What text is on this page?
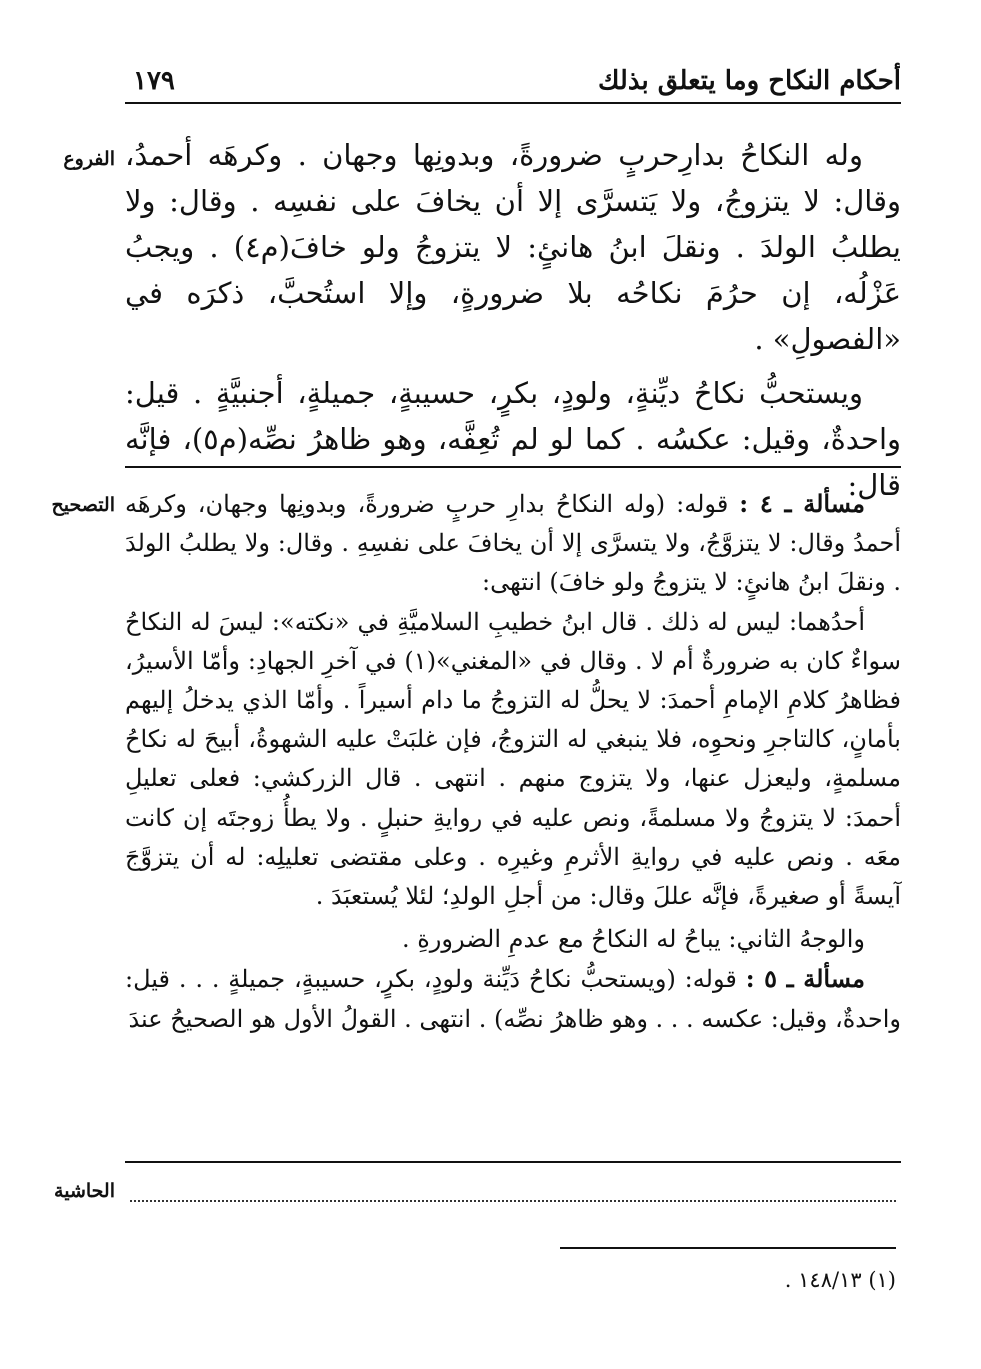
أحكام النكاح وما يتعلق بذلك
١٧٩
الفروع وله النكاحُ بدارِحربٍ ضرورةً، وبدونِها وجهان . وكرهَه أحمدُ، وقال: لا يتزوجُ، ولا يَتسرَّى إلا أن يخافَ على نفسِه . وقال: ولا يطلبُ الولدَ . ونقلَ ابنُ هانئٍ: لا يتزوجُ ولو خافَ(م٤) . ويجبُ عَزْلُه، إن حرُمَ نكاحُه بلا ضرورةٍ، وإلا استُحبَّ، ذكرَه في «الفصولِ» .

ويستحبُّ نكاحُ ديِّنةٍ، ولودٍ، بكرٍ، حسيبةٍ، جميلةٍ، أجنبيَّةٍ . قيل: واحدةٌ، وقيل: عكسُه . كما لو لم تُعِفَّه، وهو ظاهرُ نصِّه(م٥)، فإنَّه قال:

التصحيح	مسألة ـ ٤ : قوله: (وله النكاحُ بدارِ حربٍ ضرورةً، وبدونِها وجهان، وكرهَه أحمدُ وقال: لا يتزوَّجُ، ولا يتسرَّى إلا أن يخافَ على نفسِهِ . وقال: ولا يطلبُ الولدَ . ونقلَ ابنُ هانئٍ: لا يتزوجُ ولو خافَ) انتهى:

أحدُهما: ليس له ذلك . قال ابنُ خطيبِ السلاميَّةِ في «نكته»: ليسَ له النكاحُ سواءٌ كان به ضرورةٌ أم لا . وقال في «المغني»(١) في آخرِ الجهادِ: وأمّا الأسيرُ، فظاهرُ كلامِ الإمامِ أحمدَ: لا يحلُّ له التزوجُ ما دام أسيراً . وأمّا الذي يدخلُ إليهم بأمانٍ، كالتاجرِ ونحوِه، فلا ينبغي له التزوجُ، فإن غلبَتْ عليه الشهوةُ، أبيحَ له نكاحُ مسلمةٍ، وليعزل عنها، ولا يتزوج منهم . انتهى . قال الزركشي: فعلى تعليلِ أحمدَ: لا يتزوجُ ولا مسلمةً، ونص عليه في روايةِ حنبلٍ . ولا يطأُ زوجتَه إن كانت معَه . ونص عليه في روايةِ الأثرمِ وغيرِه . وعلى مقتضى تعليلِه: له أن يتزوَّجَ آيسةً أو صغيرةً، فإنَّه عللَ وقال: من أجلِ الولدِ؛ لئلا يُستعبَدَ .

والوجهُ الثاني: يباحُ له النكاحُ مع عدمِ الضرورةِ .

مسألة ـ ٥ : قوله: (ويستحبُّ نكاحُ دَيِّنة ولودٍ، بكرٍ، حسيبةٍ، جميلةٍ . . . قيل: واحدةٌ، وقيل: عكسه . . . وهو ظاهرُ نصِّه) . انتهى . القولُ الأول هو الصحيحُ عندَ

الحاشية
(١) ١٤٨/١٣ .
